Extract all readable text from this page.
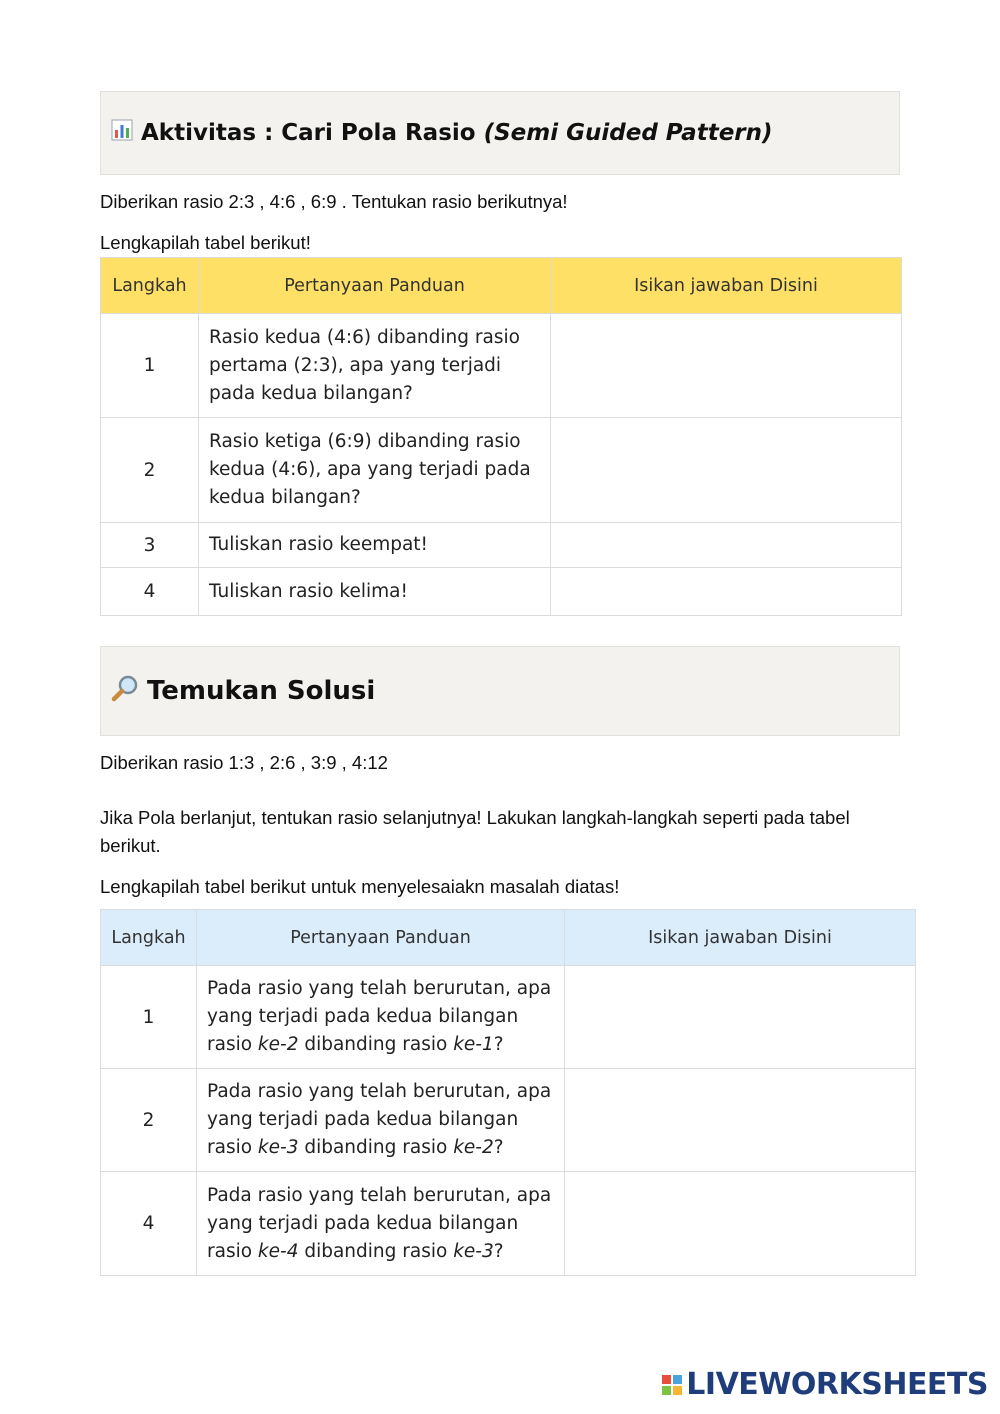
Aktivitas : Cari Pola Rasio (Semi Guided Pattern)
Diberikan rasio 2:3 , 4:6 , 6:9 . Tentukan rasio berikutnya!
Lengkapilah tabel berikut!
Langkah	Pertanyaan Panduan	Isikan jawaban Disini
1	Rasio kedua (4:6) dibanding rasio pertama (2:3), apa yang terjadi pada kedua bilangan?	
2	Rasio ketiga (6:9) dibanding rasio kedua (4:6), apa yang terjadi pada kedua bilangan?	
3	Tuliskan rasio keempat!	
4	Tuliskan rasio kelima!	
Temukan Solusi
Diberikan rasio 1:3 , 2:6 , 3:9 , 4:12
Jika Pola berlanjut, tentukan rasio selanjutnya! Lakukan langkah-langkah seperti pada tabel berikut.
Lengkapilah tabel berikut untuk menyelesaiakn masalah diatas!
Langkah	Pertanyaan Panduan	Isikan jawaban Disini
1	Pada rasio yang telah berurutan, apa yang terjadi pada kedua bilangan rasio ke-2 dibanding rasio ke-1?	
2	Pada rasio yang telah berurutan, apa yang terjadi pada kedua bilangan rasio ke-3 dibanding rasio ke-2?	
4	Pada rasio yang telah berurutan, apa yang terjadi pada kedua bilangan rasio ke-4 dibanding rasio ke-3?	
LIVEWORKSHEETS
